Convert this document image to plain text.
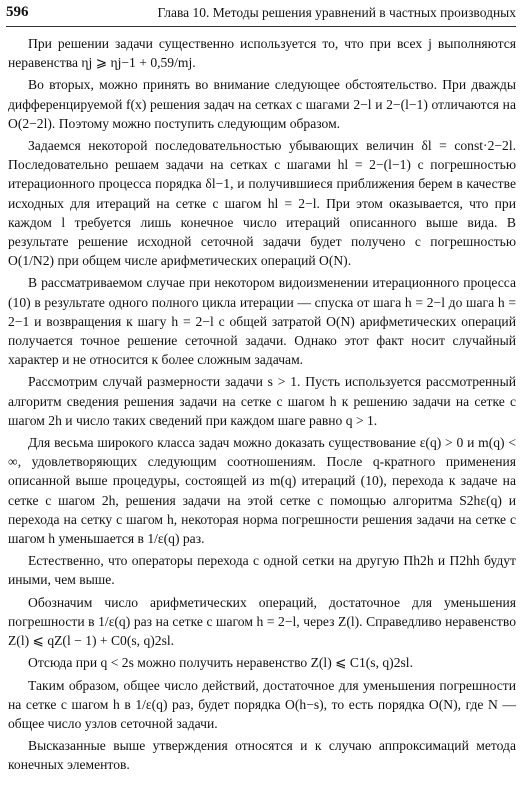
596	Глава 10. Методы решения уравнений в частных производных

При решении задачи существенно используется то, что при всех j выполняются неравенства ηj ⩾ ηj−1 + 0,59/mj.

Во вторых, можно принять во внимание следующее обстоятельство. При дважды дифференцируемой f(x) решения задач на сетках с шагами 2−l и 2−(l−1) отличаются на O(2−2l). Поэтому можно поступить следующим образом.

Задаемся некоторой последовательностью убывающих величин δl = const·2−2l. Последовательно решаем задачи на сетках с шагами hl = 2−(l−1) с погрешностью итерационного процесса порядка δl−1, и получившиеся приближения берем в качестве исходных для итераций на сетке с шагом hl = 2−l. При этом оказывается, что при каждом l требуется лишь конечное число итераций описанного выше вида. В результате решение исходной сеточной задачи будет получено с погрешностью O(1/N2) при общем числе арифметических операций O(N).

В рассматриваемом случае при некотором видоизменении итерационного процесса (10) в результате одного полного цикла итерации — спуска от шага h = 2−l до шага h = 2−1 и возвращения к шагу h = 2−l с общей затратой O(N) арифметических операций получается точное решение сеточной задачи. Однако этот факт носит случайный характер и не относится к более сложным задачам.

Рассмотрим случай размерности задачи s > 1. Пусть используется рассмотренный алгоритм сведения решения задачи на сетке с шагом h к решению задачи на сетке с шагом 2h и число таких сведений при каждом шаге равно q > 1.

Для весьма широкого класса задач можно доказать существование ε(q) > 0 и m(q) < ∞, удовлетворяющих следующим соотношениям. После q-кратного применения описанной выше процедуры, состоящей из m(q) итераций (10), перехода к задаче на сетке с шагом 2h, решения задачи на этой сетке с помощью алгоритма S2hε(q) и перехода на сетку с шагом h, некоторая норма погрешности решения задачи на сетке с шагом h уменьшается в 1/ε(q) раз.

Естественно, что операторы перехода с одной сетки на другую Πh2h и Π2hh будут иными, чем выше.

Обозначим число арифметических операций, достаточное для уменьшения погрешности в 1/ε(q) раз на сетке с шагом h = 2−l, через Z(l). Справедливо неравенство Z(l) ⩽ qZ(l − 1) + C0(s, q)2sl.

Отсюда при q < 2s можно получить неравенство Z(l) ⩽ C1(s, q)2sl.

Таким образом, общее число действий, достаточное для уменьшения погрешности на сетке с шагом h в 1/ε(q) раз, будет порядка O(h−s), то есть порядка O(N), где N — общее число узлов сеточной задачи.

Высказанные выше утверждения относятся и к случаю аппроксимаций метода конечных элементов.
